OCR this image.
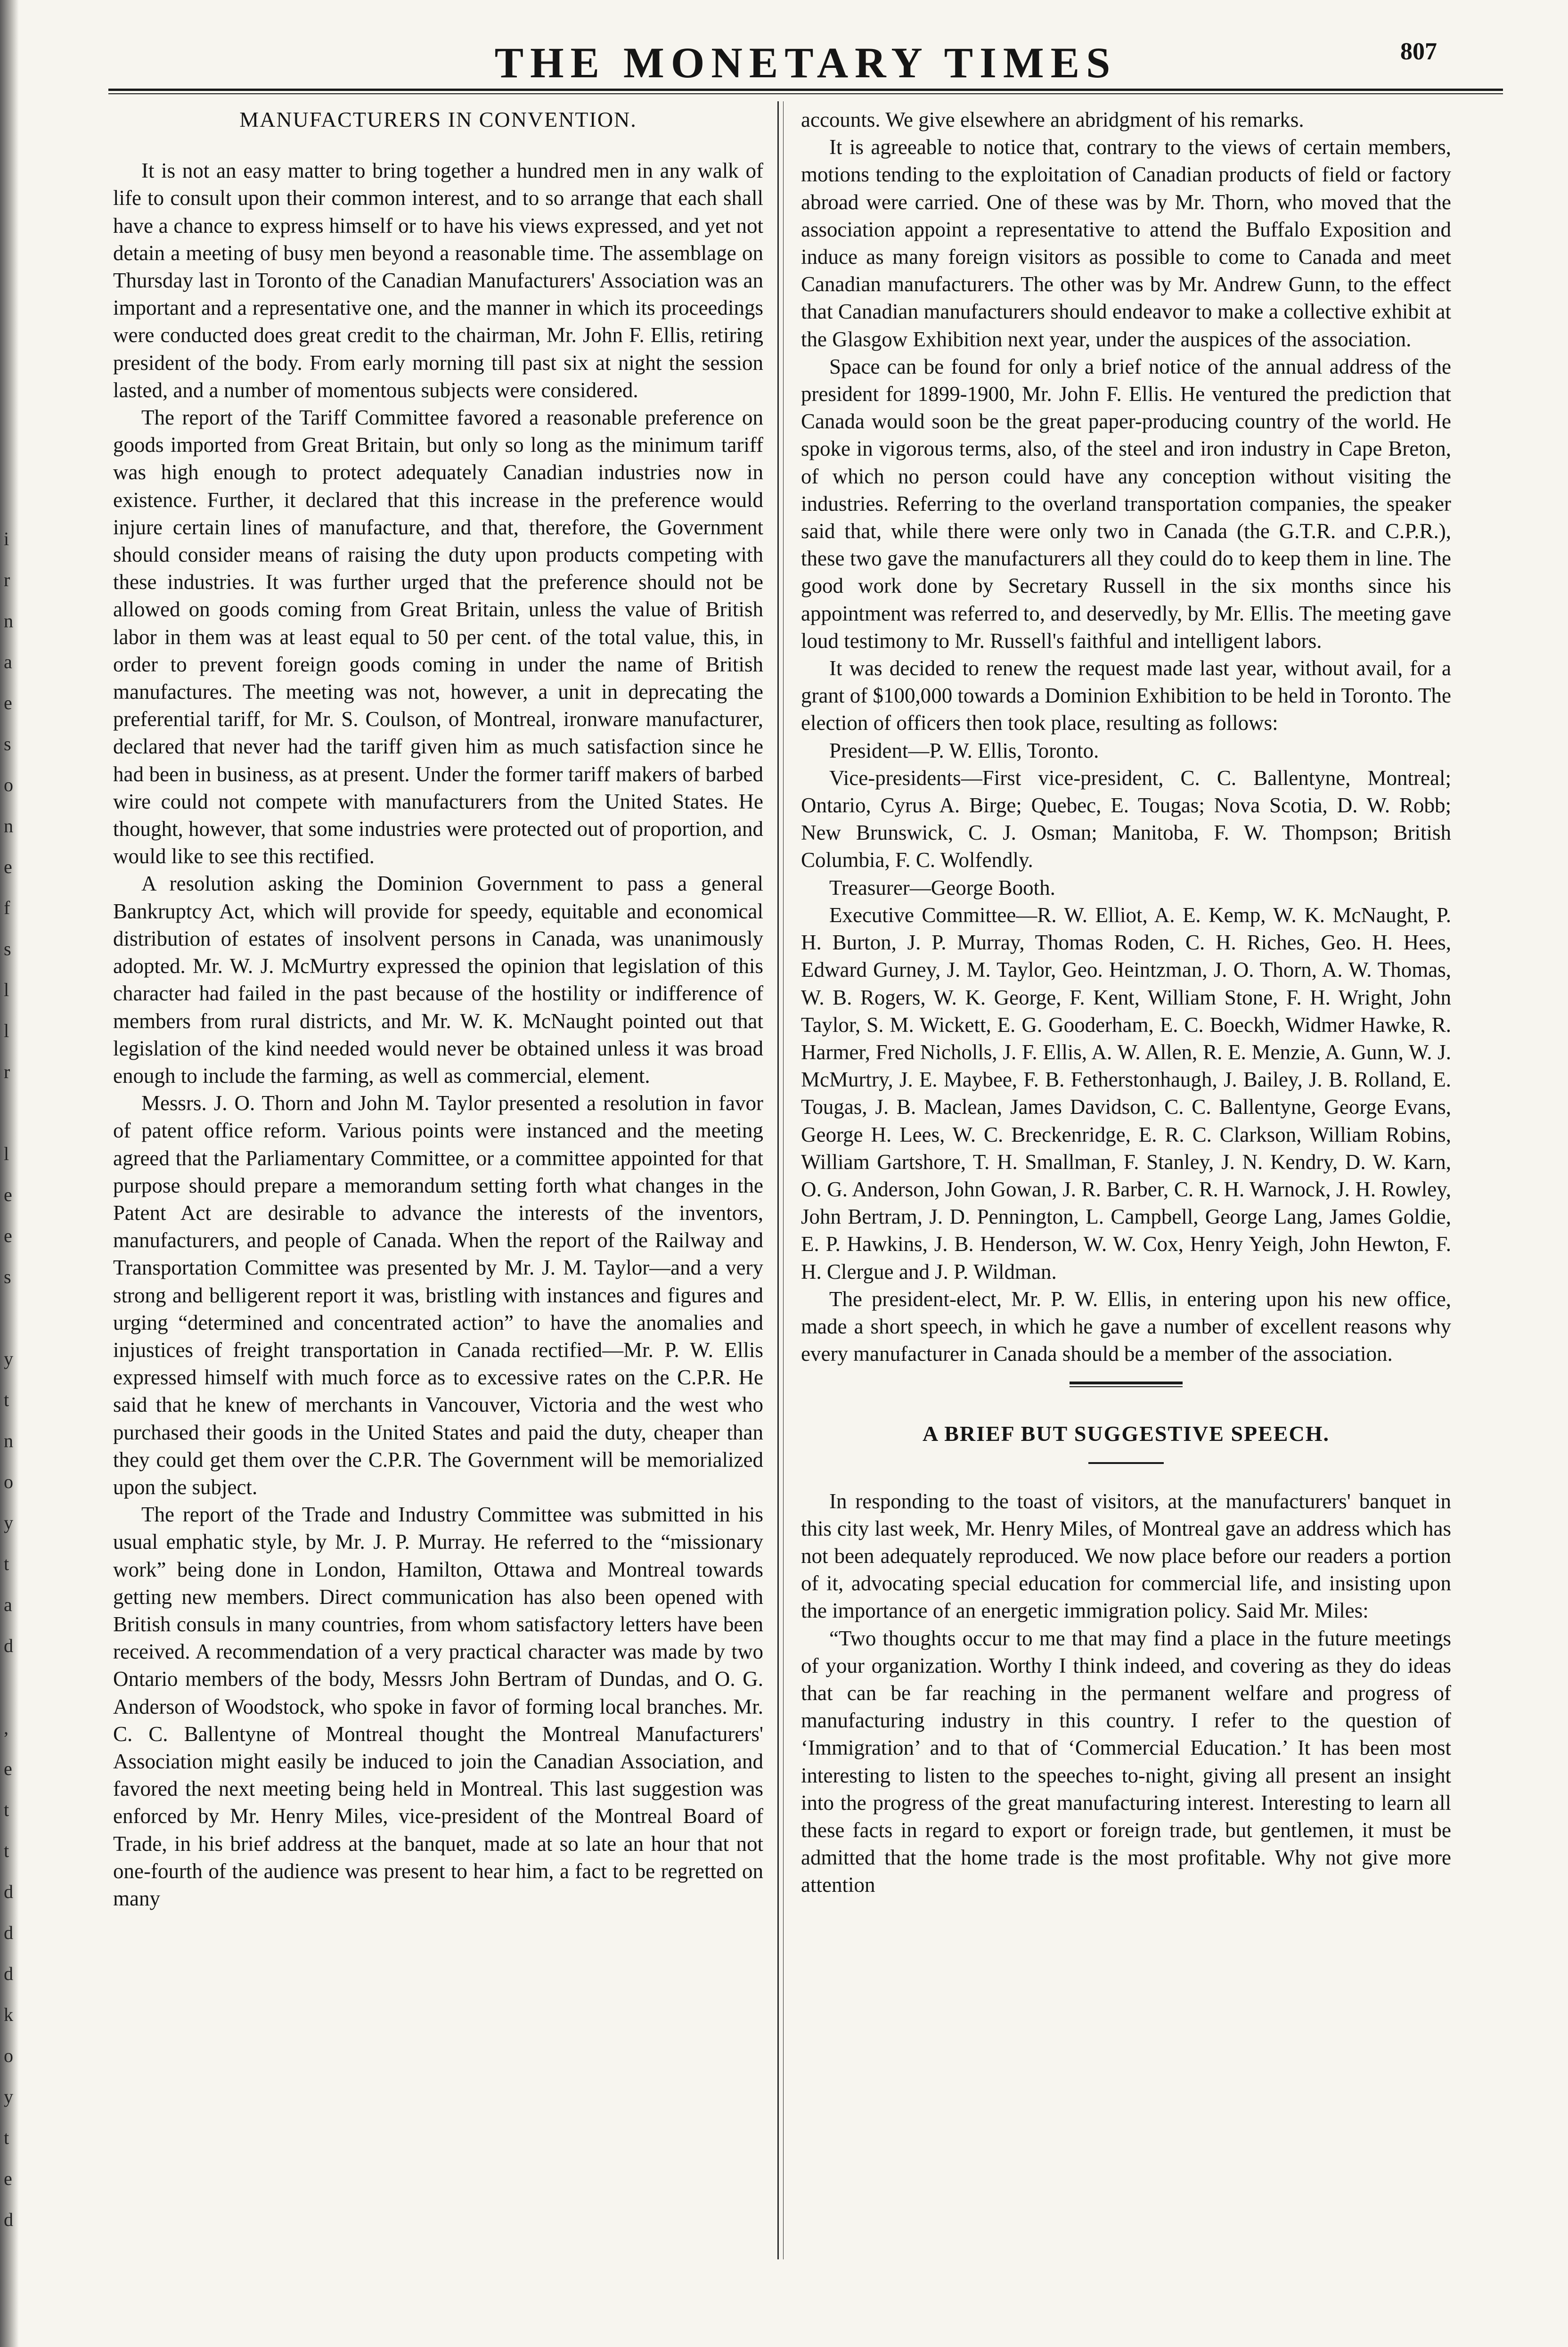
i
r
n
a
e
s
o
n
e
f
s
l
l
r

l
e
e
s

y
t
n
o
y
t
a
d

,
e
t
t
d
d
d
k
o
y
t
e
d
THE MONETARY TIMES	807
MANUFACTURERS IN CONVENTION.

It is not an easy matter to bring together a hundred men in any walk of life to consult upon their common interest, and to so arrange that each shall have a chance to express himself or to have his views expressed, and yet not detain a meeting of busy men beyond a reasonable time. The assemblage on Thursday last in Toronto of the Canadian Manufacturers' Association was an important and a representative one, and the manner in which its proceedings were conducted does great credit to the chairman, Mr. John F. Ellis, retiring president of the body. From early morning till past six at night the session lasted, and a number of momentous subjects were considered.

The report of the Tariff Committee favored a reasonable preference on goods imported from Great Britain, but only so long as the minimum tariff was high enough to protect adequately Canadian industries now in existence. Further, it declared that this increase in the preference would injure certain lines of manufacture, and that, therefore, the Government should consider means of raising the duty upon products competing with these industries. It was further urged that the preference should not be allowed on goods coming from Great Britain, unless the value of British labor in them was at least equal to 50 per cent. of the total value, this, in order to prevent foreign goods coming in under the name of British manufactures. The meeting was not, however, a unit in deprecating the preferential tariff, for Mr. S. Coulson, of Montreal, ironware manufacturer, declared that never had the tariff given him as much satisfaction since he had been in business, as at present. Under the former tariff makers of barbed wire could not compete with manufacturers from the United States. He thought, however, that some industries were protected out of proportion, and would like to see this rectified.

A resolution asking the Dominion Government to pass a general Bankruptcy Act, which will provide for speedy, equitable and economical distribution of estates of insolvent persons in Canada, was unanimously adopted. Mr. W. J. McMurtry expressed the opinion that legislation of this character had failed in the past because of the hostility or indifference of members from rural districts, and Mr. W. K. McNaught pointed out that legislation of the kind needed would never be obtained unless it was broad enough to include the farming, as well as commercial, element.

Messrs. J. O. Thorn and John M. Taylor presented a resolution in favor of patent office reform. Various points were instanced and the meeting agreed that the Parliamentary Committee, or a committee appointed for that purpose should prepare a memorandum setting forth what changes in the Patent Act are desirable to advance the interests of the inventors, manufacturers, and people of Canada. When the report of the Railway and Transportation Committee was presented by Mr. J. M. Taylor—and a very strong and belligerent report it was, bristling with instances and figures and urging “determined and concentrated action” to have the anomalies and injustices of freight transportation in Canada rectified—Mr. P. W. Ellis expressed himself with much force as to excessive rates on the C.P.R. He said that he knew of merchants in Vancouver, Victoria and the west who purchased their goods in the United States and paid the duty, cheaper than they could get them over the C.P.R. The Government will be memorialized upon the subject.

The report of the Trade and Industry Committee was submitted in his usual emphatic style, by Mr. J. P. Murray. He referred to the “missionary work” being done in London, Hamilton, Ottawa and Montreal towards getting new members. Direct communication has also been opened with British consuls in many countries, from whom satisfactory letters have been received. A recommendation of a very practical character was made by two Ontario members of the body, Messrs John Bertram of Dundas, and O. G. Anderson of Woodstock, who spoke in favor of forming local branches. Mr. C. C. Ballentyne of Montreal thought the Montreal Manufacturers' Association might easily be induced to join the Canadian Association, and favored the next meeting being held in Montreal. This last suggestion was enforced by Mr. Henry Miles, vice-president of the Montreal Board of Trade, in his brief address at the banquet, made at so late an hour that not one-fourth of the audience was present to hear him, a fact to be regretted on many

accounts. We give elsewhere an abridgment of his remarks.

It is agreeable to notice that, contrary to the views of certain members, motions tending to the exploitation of Canadian products of field or factory abroad were carried. One of these was by Mr. Thorn, who moved that the association appoint a representative to attend the Buffalo Exposition and induce as many foreign visitors as possible to come to Canada and meet Canadian manufacturers. The other was by Mr. Andrew Gunn, to the effect that Canadian manufacturers should endeavor to make a collective exhibit at the Glasgow Exhibition next year, under the auspices of the association.

Space can be found for only a brief notice of the annual address of the president for 1899-1900, Mr. John F. Ellis. He ventured the prediction that Canada would soon be the great paper-producing country of the world. He spoke in vigorous terms, also, of the steel and iron industry in Cape Breton, of which no person could have any conception without visiting the industries. Referring to the overland transportation companies, the speaker said that, while there were only two in Canada (the G.T.R. and C.P.R.), these two gave the manufacturers all they could do to keep them in line. The good work done by Secretary Russell in the six months since his appointment was referred to, and deservedly, by Mr. Ellis. The meeting gave loud testimony to Mr. Russell's faithful and intelligent labors.

It was decided to renew the request made last year, without avail, for a grant of $100,000 towards a Dominion Exhibition to be held in Toronto. The election of officers then took place, resulting as follows:

President—P. W. Ellis, Toronto.

Vice-presidents—First vice-president, C. C. Ballentyne, Montreal; Ontario, Cyrus A. Birge; Quebec, E. Tougas; Nova Scotia, D. W. Robb; New Brunswick, C. J. Osman; Manitoba, F. W. Thompson; British Columbia, F. C. Wolfendly.

Treasurer—George Booth.

Executive Committee—R. W. Elliot, A. E. Kemp, W. K. McNaught, P. H. Burton, J. P. Murray, Thomas Roden, C. H. Riches, Geo. H. Hees, Edward Gurney, J. M. Taylor, Geo. Heintzman, J. O. Thorn, A. W. Thomas, W. B. Rogers, W. K. George, F. Kent, William Stone, F. H. Wright, John Taylor, S. M. Wickett, E. G. Gooderham, E. C. Boeckh, Widmer Hawke, R. Harmer, Fred Nicholls, J. F. Ellis, A. W. Allen, R. E. Menzie, A. Gunn, W. J. McMurtry, J. E. Maybee, F. B. Fetherstonhaugh, J. Bailey, J. B. Rolland, E. Tougas, J. B. Maclean, James Davidson, C. C. Ballentyne, George Evans, George H. Lees, W. C. Breckenridge, E. R. C. Clarkson, William Robins, William Gartshore, T. H. Smallman, F. Stanley, J. N. Kendry, D. W. Karn, O. G. Anderson, John Gowan, J. R. Barber, C. R. H. Warnock, J. H. Rowley, John Bertram, J. D. Pennington, L. Campbell, George Lang, James Goldie, E. P. Hawkins, J. B. Henderson, W. W. Cox, Henry Yeigh, John Hewton, F. H. Clergue and J. P. Wildman.

The president-elect, Mr. P. W. Ellis, in entering upon his new office, made a short speech, in which he gave a number of excellent reasons why every manufacturer in Canada should be a member of the association.

A BRIEF BUT SUGGESTIVE SPEECH.

In responding to the toast of visitors, at the manufacturers' banquet in this city last week, Mr. Henry Miles, of Montreal gave an address which has not been adequately reproduced. We now place before our readers a portion of it, advocating special education for commercial life, and insisting upon the importance of an energetic immigration policy. Said Mr. Miles:

“Two thoughts occur to me that may find a place in the future meetings of your organization. Worthy I think indeed, and covering as they do ideas that can be far reaching in the permanent welfare and progress of manufacturing industry in this country. I refer to the question of ‘Immigration’ and to that of ‘Commercial Education.’ It has been most interesting to listen to the speeches to-night, giving all present an insight into the progress of the great manufacturing interest. Interesting to learn all these facts in regard to export or foreign trade, but gentlemen, it must be admitted that the home trade is the most profitable. Why not give more attention
